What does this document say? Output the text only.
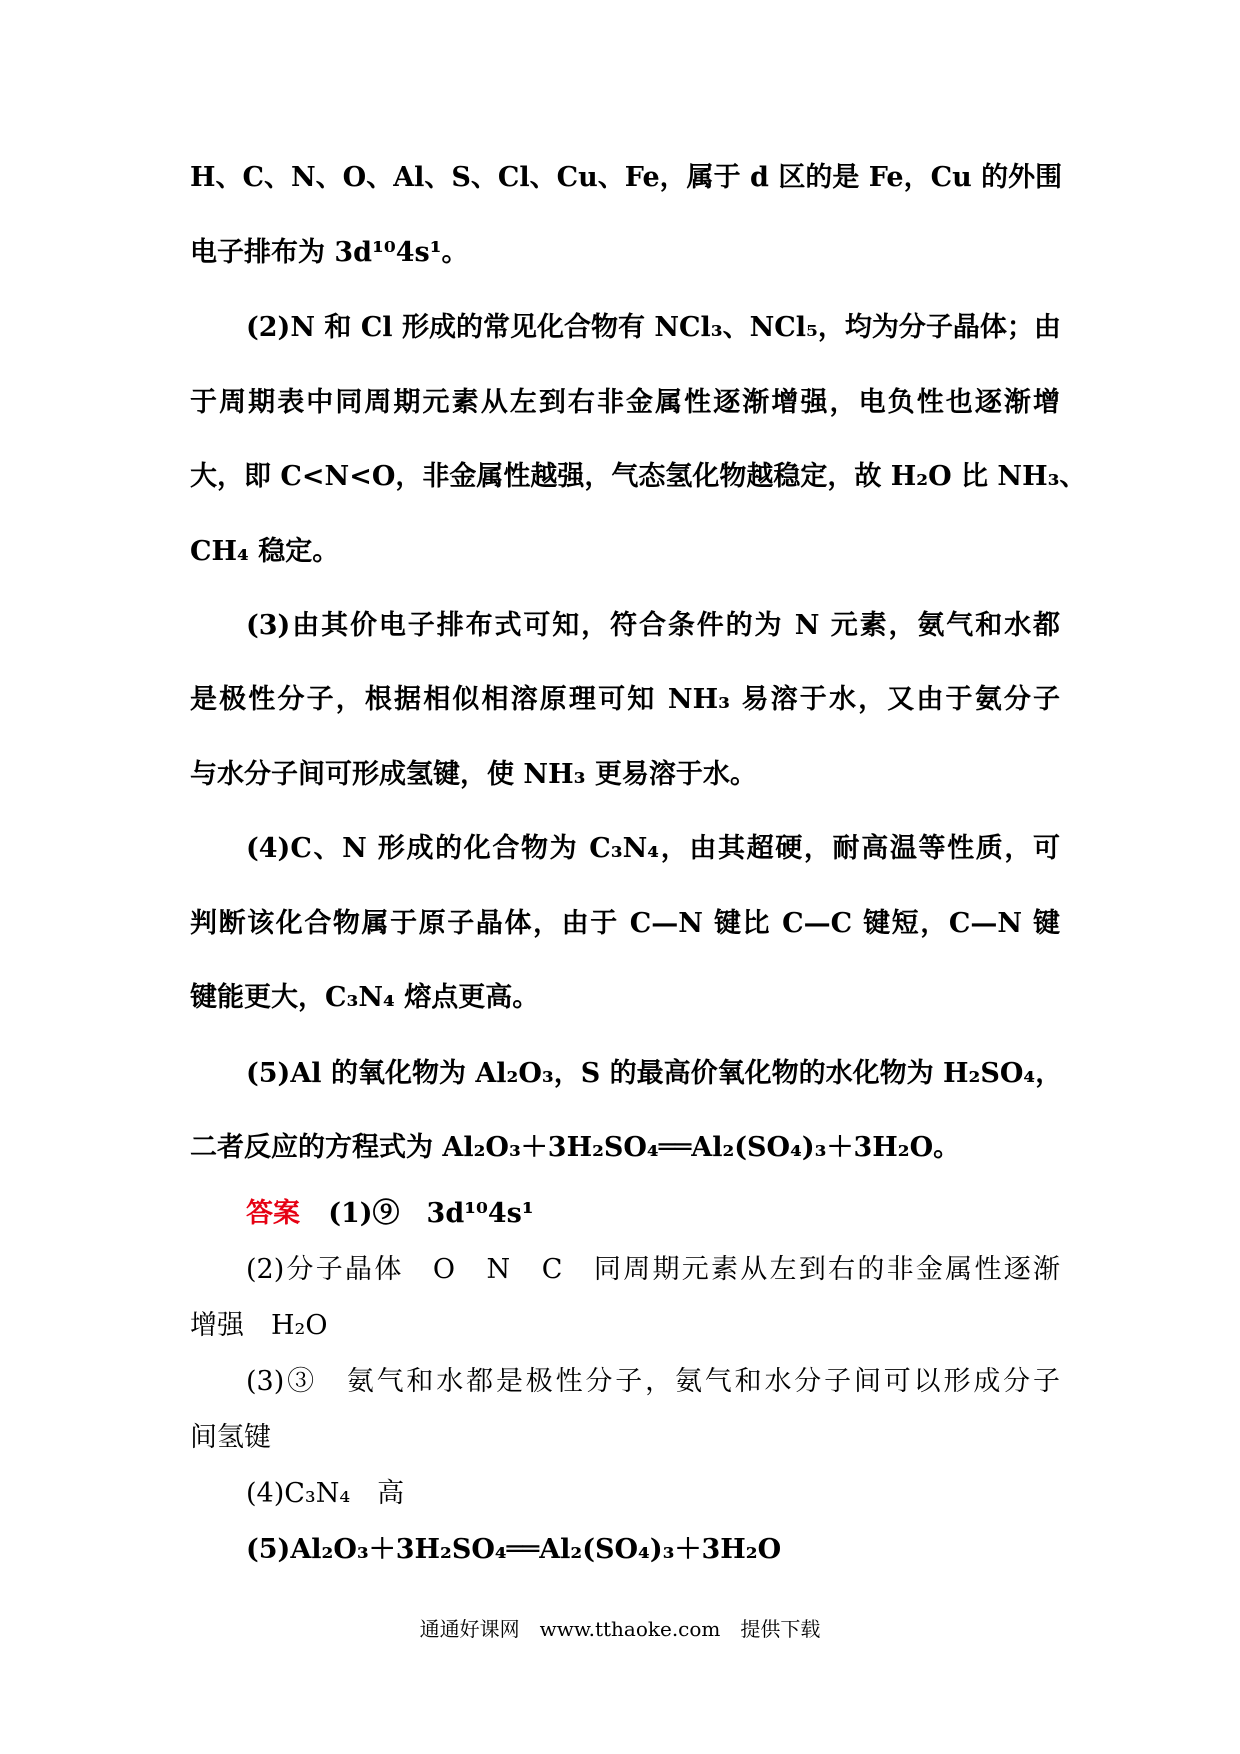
H、C、N、O、Al、S、Cl、Cu、Fe，属于 d 区的是 Fe，Cu 的外围
电子排布为 3d¹⁰4s¹。
(2)N 和 Cl 形成的常见化合物有 NCl₃、NCl₅，均为分子晶体；由
于周期表中同周期元素从左到右非金属性逐渐增强，电负性也逐渐增
大，即 C<N<O，非金属性越强，气态氢化物越稳定，故 H₂O 比 NH₃、
CH₄ 稳定。
(3)由其价电子排布式可知，符合条件的为 N 元素，氨气和水都
是极性分子，根据相似相溶原理可知 NH₃ 易溶于水，又由于氨分子
与水分子间可形成氢键，使 NH₃ 更易溶于水。
(4)C、N 形成的化合物为 C₃N₄，由其超硬，耐高温等性质，可
判断该化合物属于原子晶体，由于 C—N 键比 C—C 键短，C—N 键
键能更大，C₃N₄ 熔点更高。
(5)Al 的氧化物为 Al₂O₃，S 的最高价氧化物的水化物为 H₂SO₄，
二者反应的方程式为 Al₂O₃＋3H₂SO₄══Al₂(SO₄)₃＋3H₂O。
答案 (1)⑨　3d¹⁰4s¹
(2)分子晶体　O　N　C　同周期元素从左到右的非金属性逐渐
增强　H₂O
(3)③　氨气和水都是极性分子，氨气和水分子间可以形成分子
间氢键
(4)C₃N₄　高
(5)Al₂O₃＋3H₂SO₄══Al₂(SO₄)₃＋3H₂O
通通好课网　www.tthaoke.com　提供下载
